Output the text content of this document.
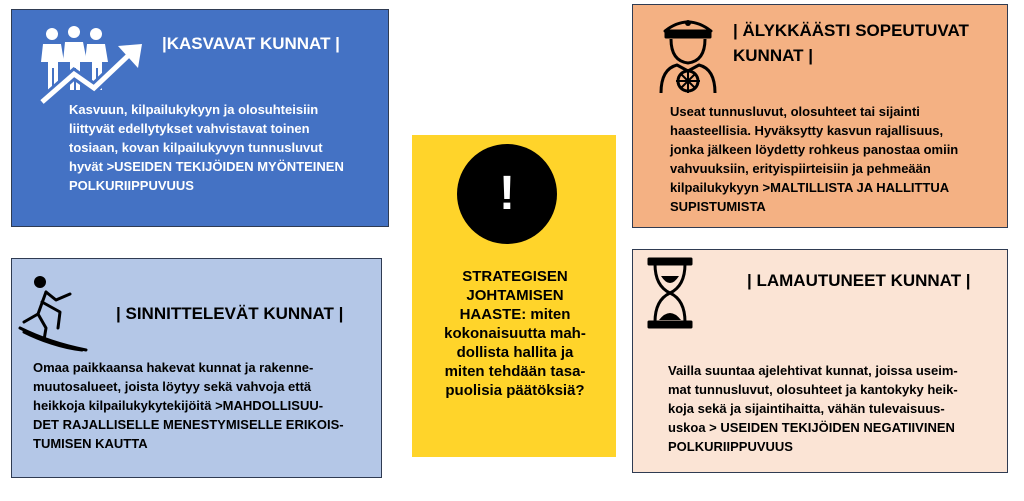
|KASVAVAT KUNNAT |
Kasvuun, kilpailukykyyn ja olosuhteisiin
liittyvät edellytykset vahvistavat toinen
tosiaan, kovan kilpailukyvyn tunnusluvut
hyvät >USEIDEN TEKIJÖIDEN MYÖNTEINEN
POLKURIIPPUVUUS
| SINNITTELEVÄT KUNNAT |
Omaa paikkaansa hakevat kunnat ja rakenne-
muutosalueet, joista löytyy sekä vahvoja että
heikkoja kilpailukykytekijöitä >MAHDOLLISUU-
DET RAJALLISELLE MENESTYMISELLE ERIKOIS-
TUMISEN KAUTTA
!
STRATEGISEN
JOHTAMISEN
HAASTE: miten
kokonaisuutta mah-
dollista hallita ja
miten tehdään tasa-
puolisia päätöksiä?
| ÄLYKKÄÄSTI SOPEUTUVAT
KUNNAT |
Useat tunnusluvut, olosuhteet tai sijainti
haasteellisia. Hyväksytty kasvun rajallisuus,
jonka jälkeen löydetty rohkeus panostaa omiin
vahvuuksiin, erityispiirteisiin ja pehmeään
kilpailukykyyn >MALTILLISTA JA HALLITTUA
SUPISTUMISTA
| LAMAUTUNEET KUNNAT |
Vailla suuntaa ajelehtivat kunnat, joissa useim-
mat tunnusluvut, olosuhteet ja kantokyky heik-
koja sekä ja sijaintihaitta, vähän tulevaisuus-
uskoa > USEIDEN TEKIJÖIDEN NEGATIIVINEN
POLKURIIPPUVUUS
